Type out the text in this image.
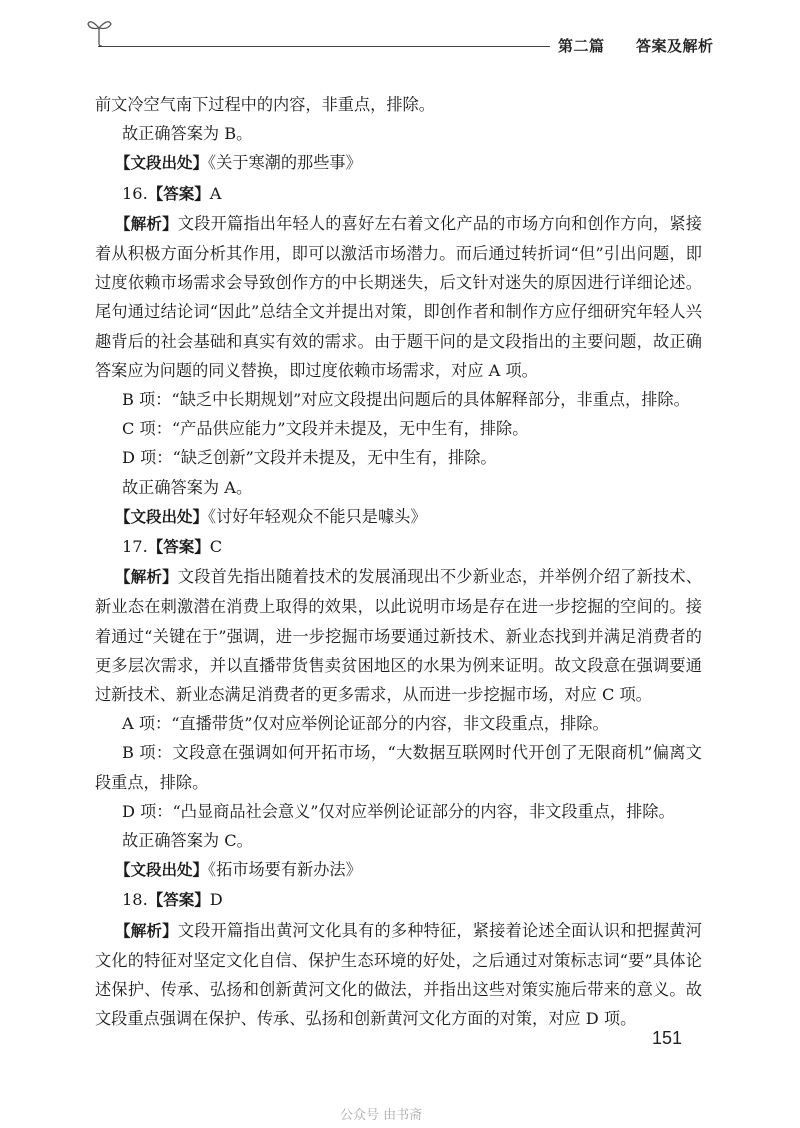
第二篇  答案及解析

前文冷空气南下过程中的内容，非重点，排除。

故正确答案为 B。

【文段出处】《关于寒潮的那些事》

16.【答案】A

【解析】文段开篇指出年轻人的喜好左右着文化产品的市场方向和创作方向，紧接着从积极方面分析其作用，即可以激活市场潜力。而后通过转折词“但”引出问题，即过度依赖市场需求会导致创作方的中长期迷失，后文针对迷失的原因进行详细论述。尾句通过结论词“因此”总结全文并提出对策，即创作者和制作方应仔细研究年轻人兴趣背后的社会基础和真实有效的需求。由于题干问的是文段指出的主要问题，故正确答案应为问题的同义替换，即过度依赖市场需求，对应 A 项。

B 项：“缺乏中长期规划”对应文段提出问题后的具体解释部分，非重点，排除。

C 项：“产品供应能力”文段并未提及，无中生有，排除。

D 项：“缺乏创新”文段并未提及，无中生有，排除。

故正确答案为 A。

【文段出处】《讨好年轻观众不能只是噱头》

17.【答案】C

【解析】文段首先指出随着技术的发展涌现出不少新业态，并举例介绍了新技术、新业态在刺激潜在消费上取得的效果，以此说明市场是存在进一步挖掘的空间的。接着通过“关键在于”强调，进一步挖掘市场要通过新技术、新业态找到并满足消费者的更多层次需求，并以直播带货售卖贫困地区的水果为例来证明。故文段意在强调要通过新技术、新业态满足消费者的更多需求，从而进一步挖掘市场，对应 C 项。

A 项：“直播带货”仅对应举例论证部分的内容，非文段重点，排除。

B 项：文段意在强调如何开拓市场，“大数据互联网时代开创了无限商机”偏离文段重点，排除。

D 项：“凸显商品社会意义”仅对应举例论证部分的内容，非文段重点，排除。

故正确答案为 C。

【文段出处】《拓市场要有新办法》

18.【答案】D

【解析】文段开篇指出黄河文化具有的多种特征，紧接着论述全面认识和把握黄河文化的特征对坚定文化自信、保护生态环境的好处，之后通过对策标志词“要”具体论述保护、传承、弘扬和创新黄河文化的做法，并指出这些对策实施后带来的意义。故文段重点强调在保护、传承、弘扬和创新黄河文化方面的对策，对应 D 项。

151
公众号 由书斋
